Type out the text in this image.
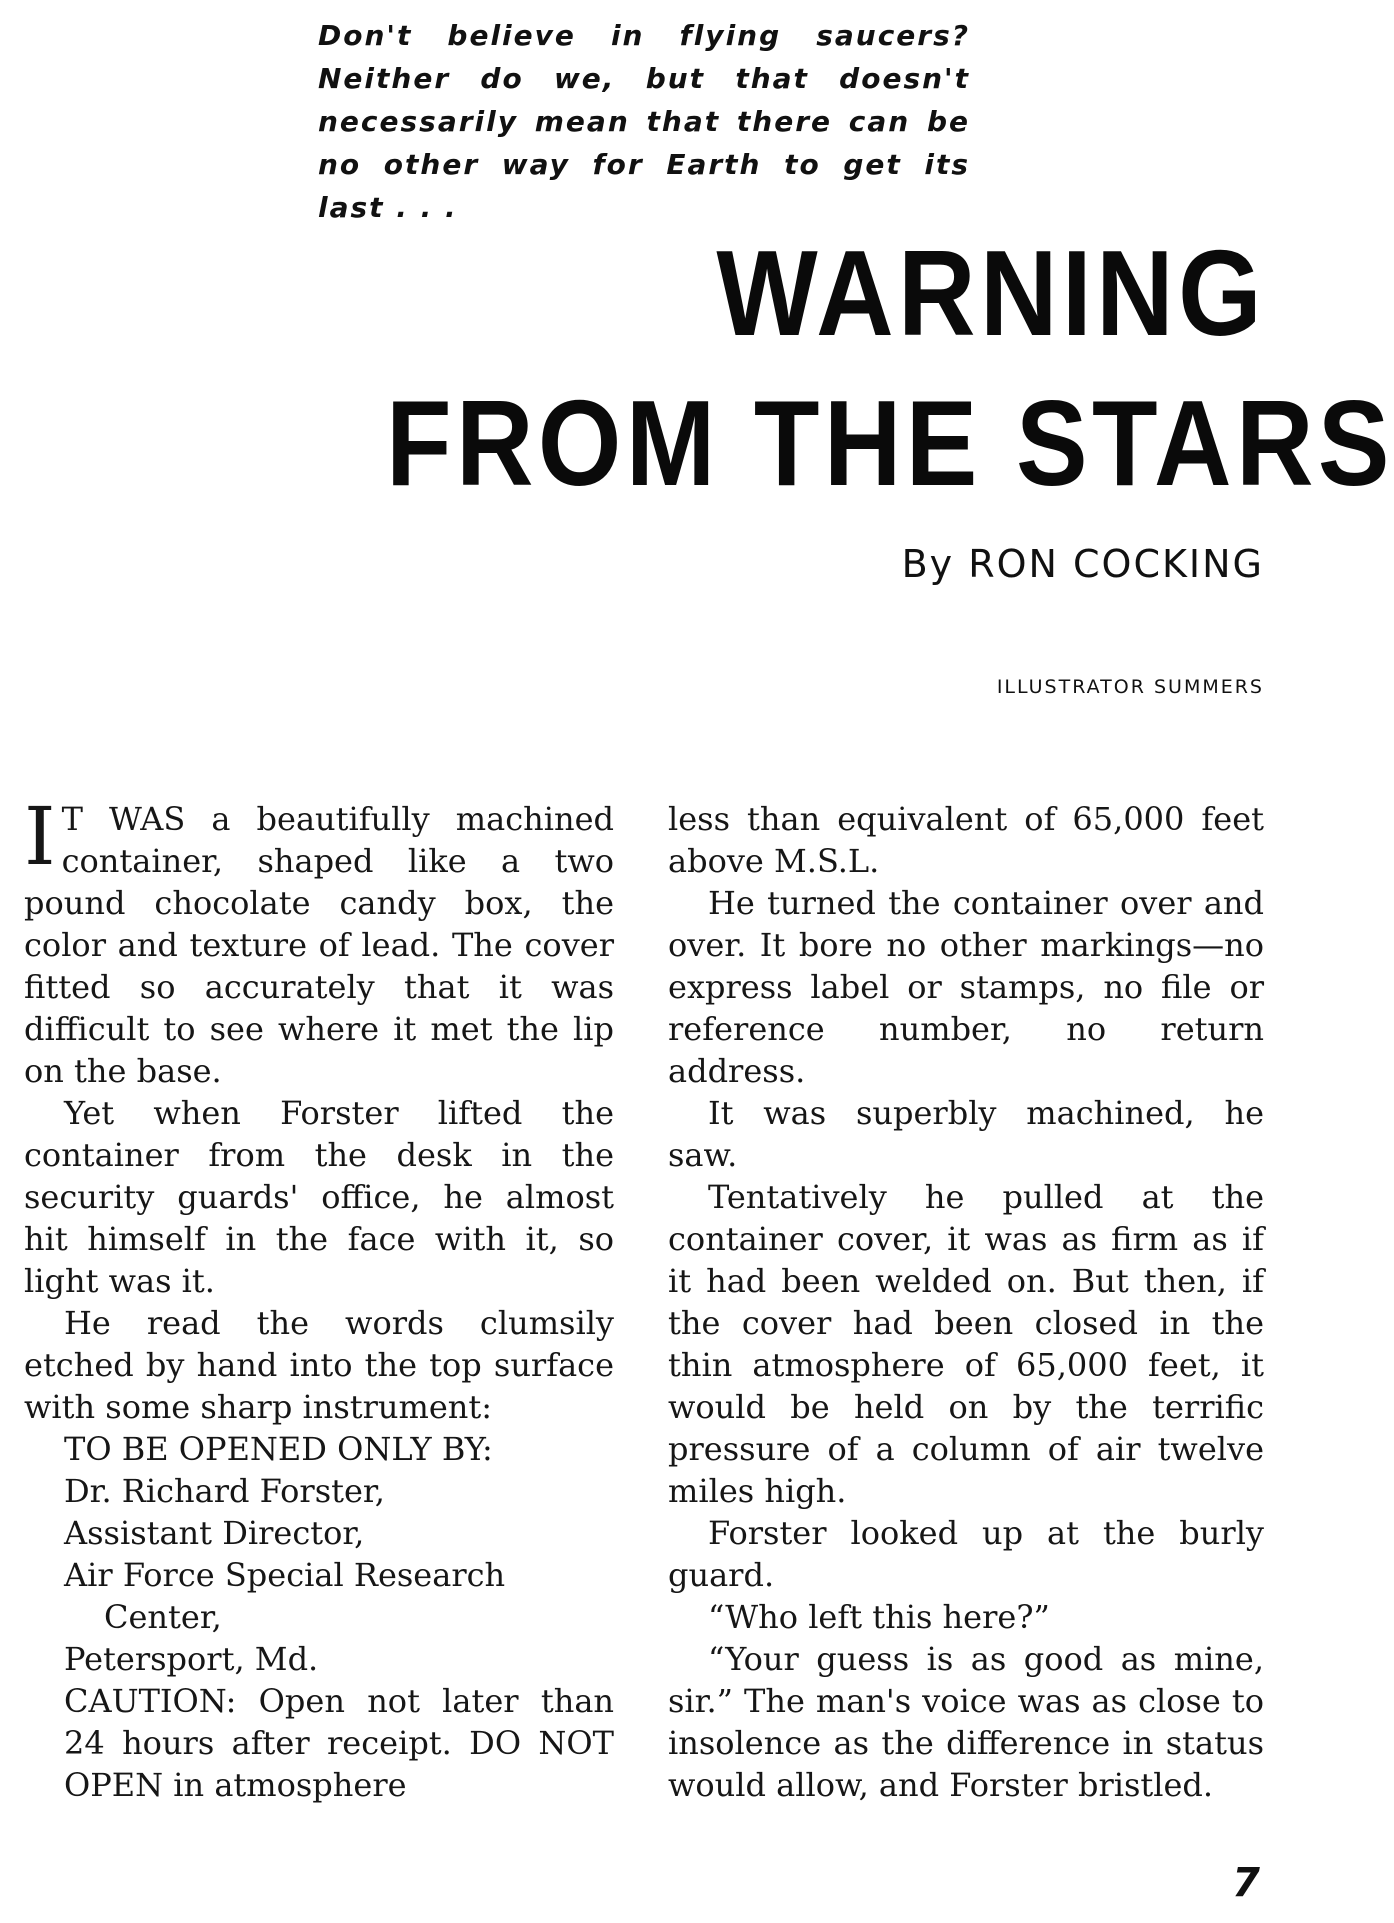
Don't believe in flying saucers? Neither do we, but that doesn't necessarily mean that there can be no other way for Earth to get its last . . .
WARNING
FROM THE STARS
By RON COCKING
ILLUSTRATOR SUMMERS

I T WAS a beautifully machined container, shaped like a two pound chocolate candy box, the color and texture of lead. The cover fitted so accurately that it was difficult to see where it met the lip on the base.

Yet when Forster lifted the container from the desk in the security guards' office, he almost hit himself in the face with it, so light was it.

He read the words clumsily etched by hand into the top surface with some sharp instrument:

TO BE OPENED ONLY BY:

Dr. Richard Forster,

Assistant Director,

Air Force Special Research

Center,

Petersport, Md.

CAUTION: Open not later than 24 hours after receipt. DO NOT OPEN in atmosphere

less than equivalent of 65,000 feet above M.S.L.

He turned the container over and over. It bore no other markings—no express label or stamps, no file or reference number, no return address.

It was superbly machined, he saw.

Tentatively he pulled at the container cover, it was as firm as if it had been welded on. But then, if the cover had been closed in the thin atmosphere of 65,000 feet, it would be held on by the terrific pressure of a column of air twelve miles high.

Forster looked up at the burly guard.

“Who left this here?”

“Your guess is as good as mine, sir.” The man's voice was as close to insolence as the difference in status would allow, and Forster bristled.

7
